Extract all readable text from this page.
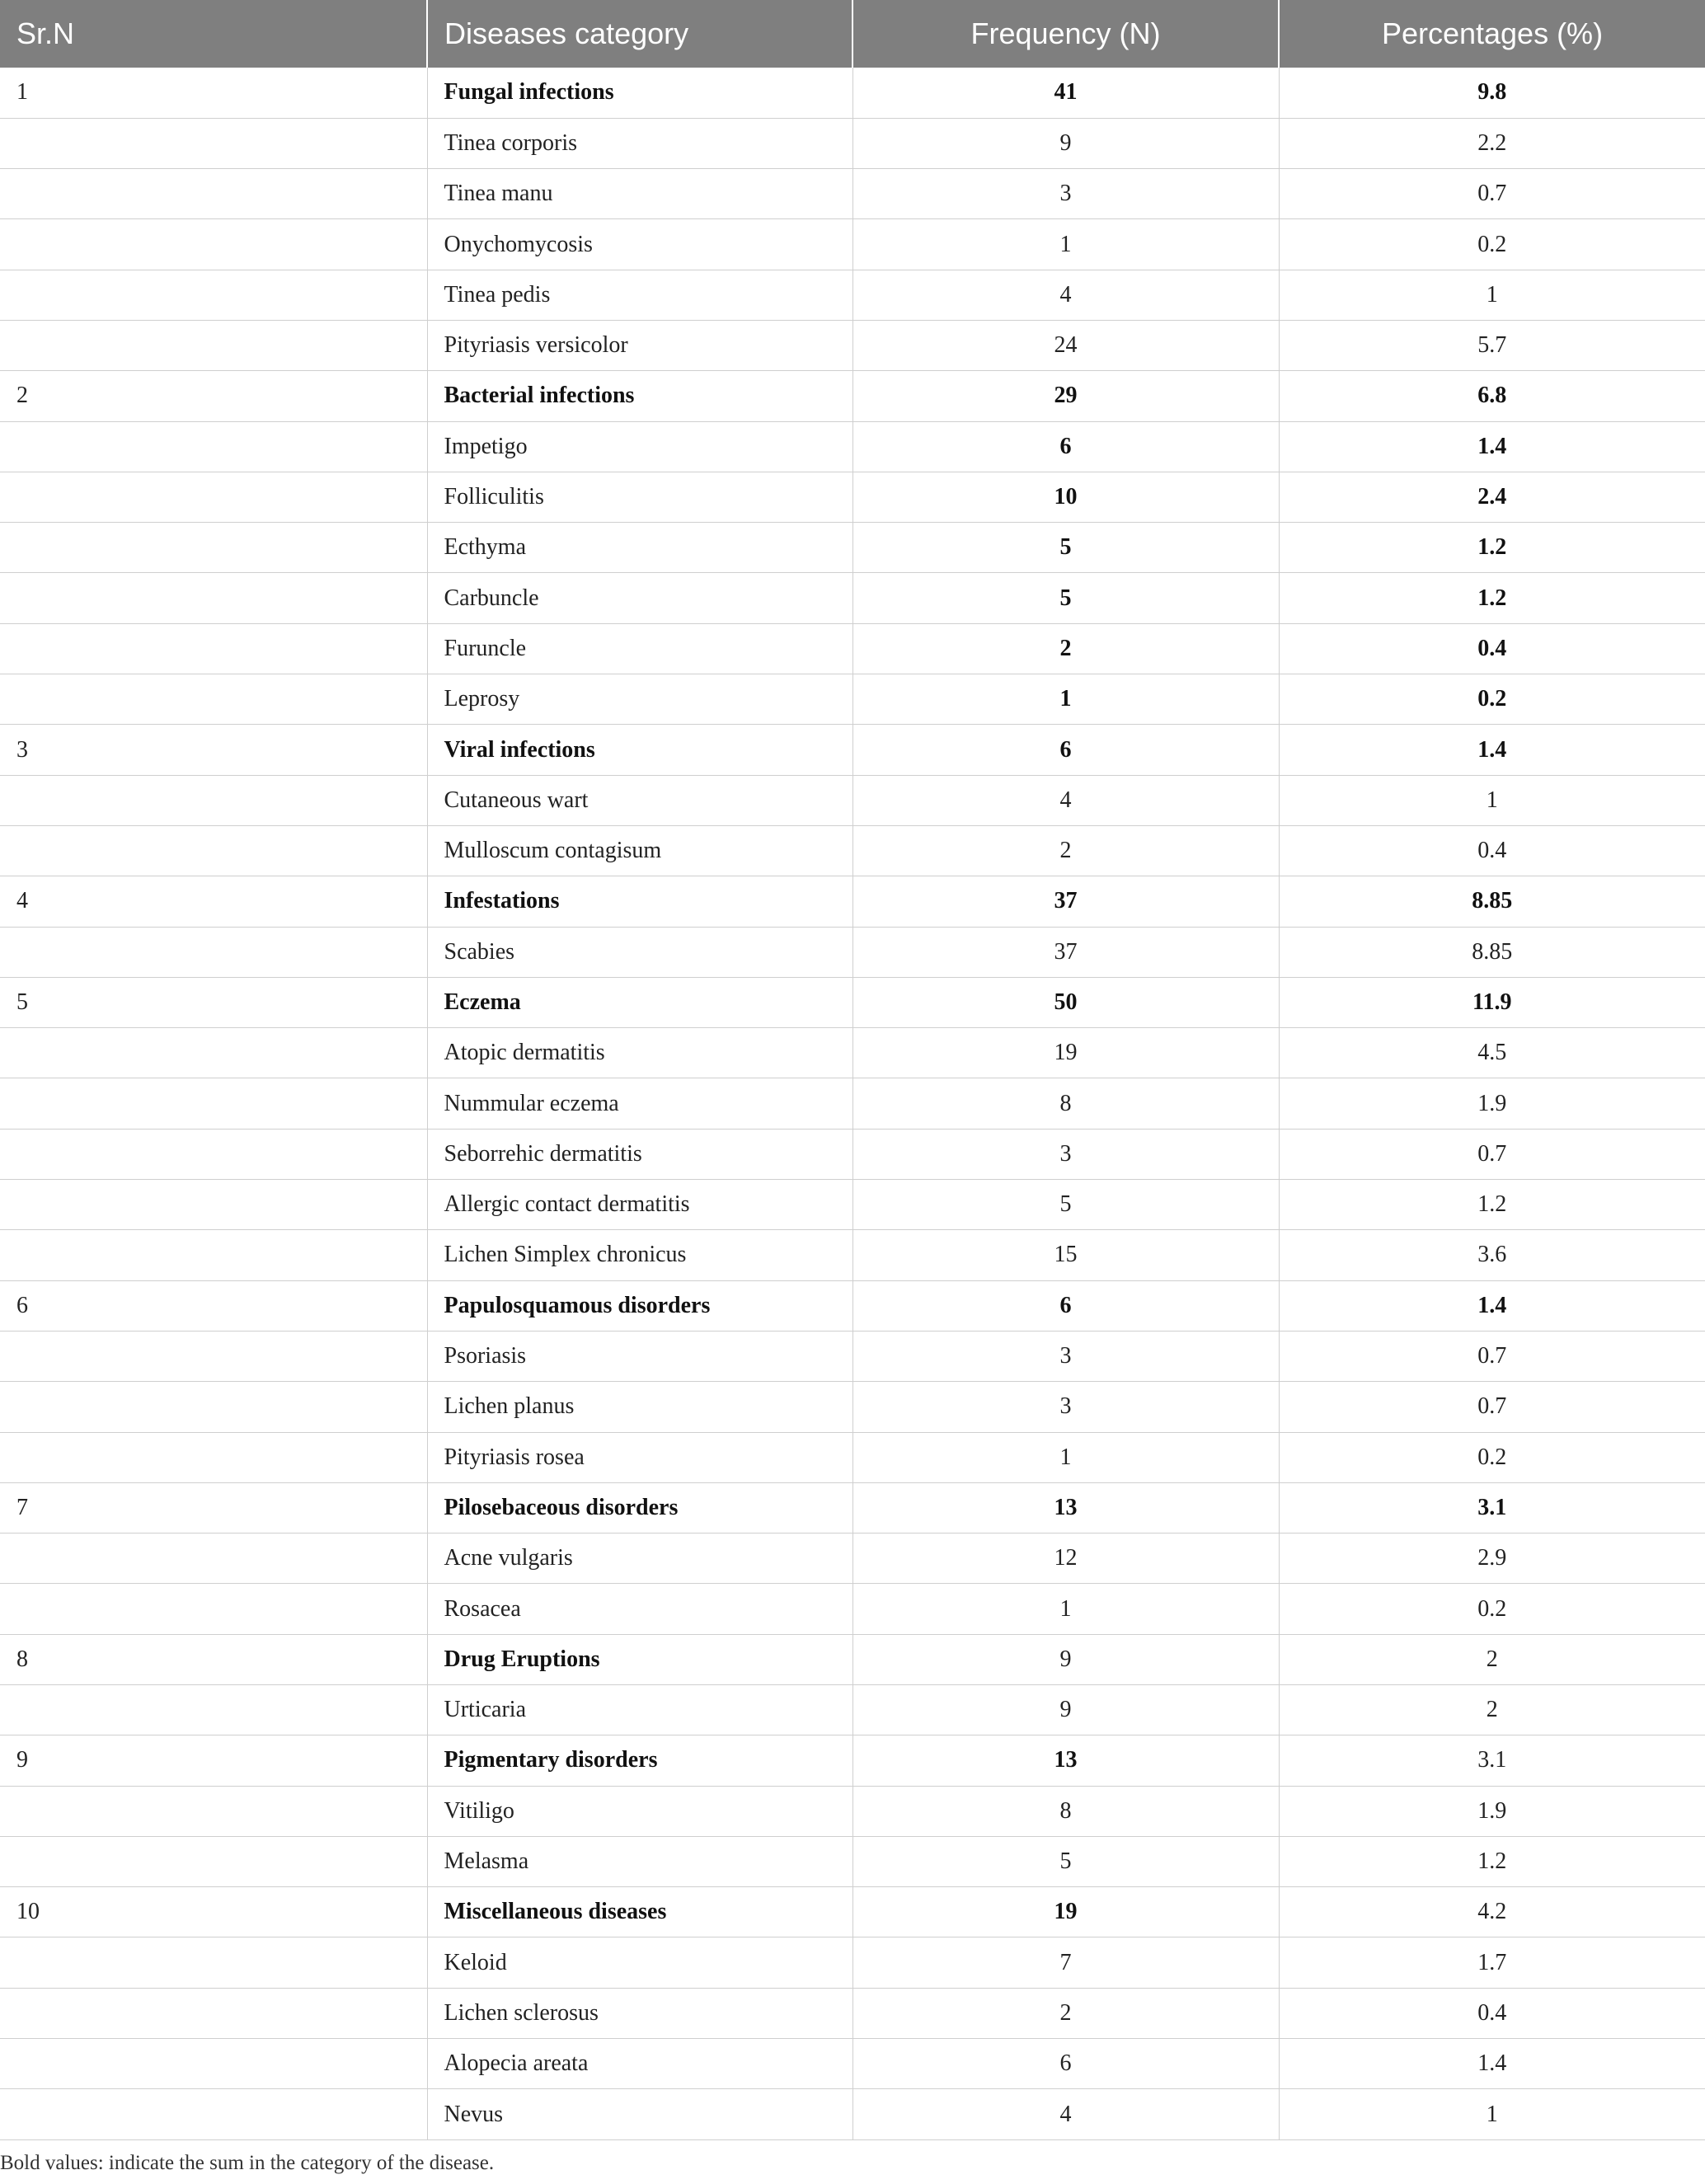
Sr.N	Diseases category	Frequency (N)	Percentages (%)
1	Fungal infections	41	9.8
	Tinea corporis	9	2.2
	Tinea manu	3	0.7
	Onychomycosis	1	0.2
	Tinea pedis	4	1
	Pityriasis versicolor	24	5.7
2	Bacterial infections	29	6.8
	Impetigo	6	1.4
	Folliculitis	10	2.4
	Ecthyma	5	1.2
	Carbuncle	5	1.2
	Furuncle	2	0.4
	Leprosy	1	0.2
3	Viral infections	6	1.4
	Cutaneous wart	4	1
	Mulloscum contagisum	2	0.4
4	Infestations	37	8.85
	Scabies	37	8.85
5	Eczema	50	11.9
	Atopic dermatitis	19	4.5
	Nummular eczema	8	1.9
	Seborrehic dermatitis	3	0.7
	Allergic contact dermatitis	5	1.2
	Lichen Simplex chronicus	15	3.6
6	Papulosquamous disorders	6	1.4
	Psoriasis	3	0.7
	Lichen planus	3	0.7
	Pityriasis rosea	1	0.2
7	Pilosebaceous disorders	13	3.1
	Acne vulgaris	12	2.9
	Rosacea	1	0.2
8	Drug Eruptions	9	2
	Urticaria	9	2
9	Pigmentary disorders	13	3.1
	Vitiligo	8	1.9
	Melasma	5	1.2
10	Miscellaneous diseases	19	4.2
	Keloid	7	1.7
	Lichen sclerosus	2	0.4
	Alopecia areata	6	1.4
	Nevus	4	1
Bold values: indicate the sum in the category of the disease.
